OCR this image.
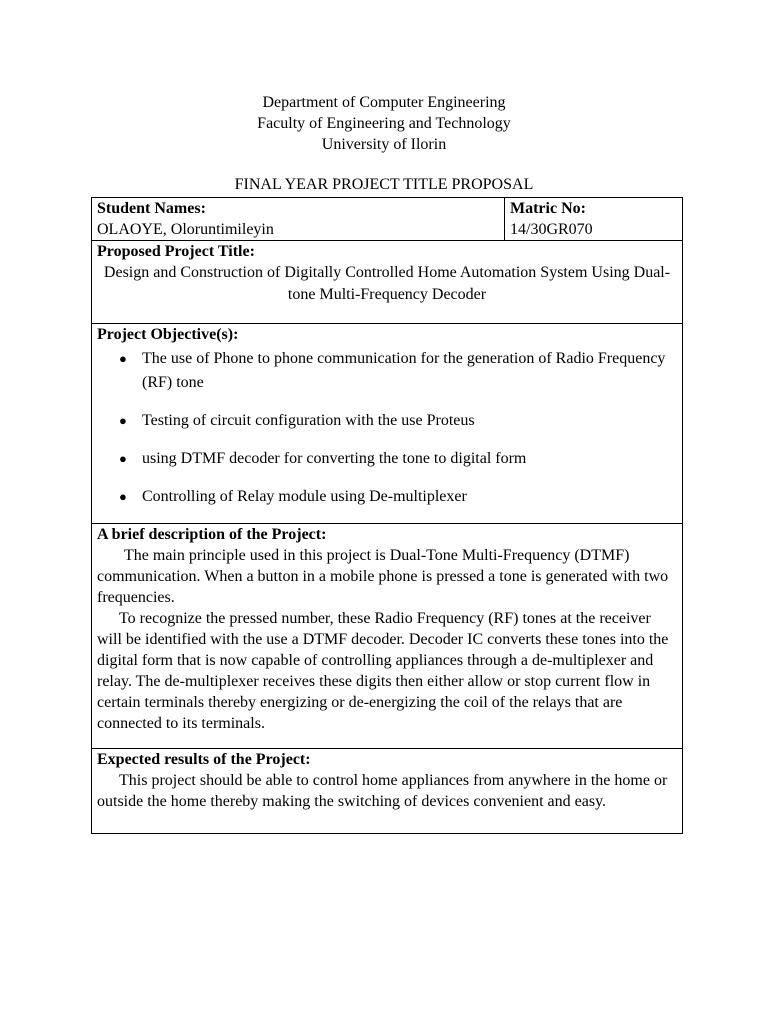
Department of Computer Engineering
Faculty of Engineering and Technology
University of Ilorin
FINAL YEAR PROJECT TITLE PROPOSAL
Student Names:
OLAOYE, Oloruntimileyin

Matric No:
14/30GR070

Proposed Project Title:
Design and Construction of Digitally Controlled Home Automation System Using Dual-tone Multi-Frequency Decoder

Project Objective(s):
● The use of Phone to phone communication for the generation of Radio Frequency (RF) tone
● Testing of circuit configuration with the use Proteus
● using DTMF decoder for converting the tone to digital form
● Controlling of Relay module using De-multiplexer

A brief description of the Project:

The main principle used in this project is Dual-Tone Multi-Frequency (DTMF) communication. When a button in a mobile phone is pressed a tone is generated with two frequencies.

To recognize the pressed number, these Radio Frequency (RF) tones at the receiver will be identified with the use a DTMF decoder. Decoder IC converts these tones into the digital form that is now capable of controlling appliances through a de-multiplexer and relay. The de-multiplexer receives these digits then either allow or stop current flow in certain terminals thereby energizing or de-energizing the coil of the relays that are connected to its terminals.

Expected results of the Project:

This project should be able to control home appliances from anywhere in the home or outside the home thereby making the switching of devices convenient and easy.
